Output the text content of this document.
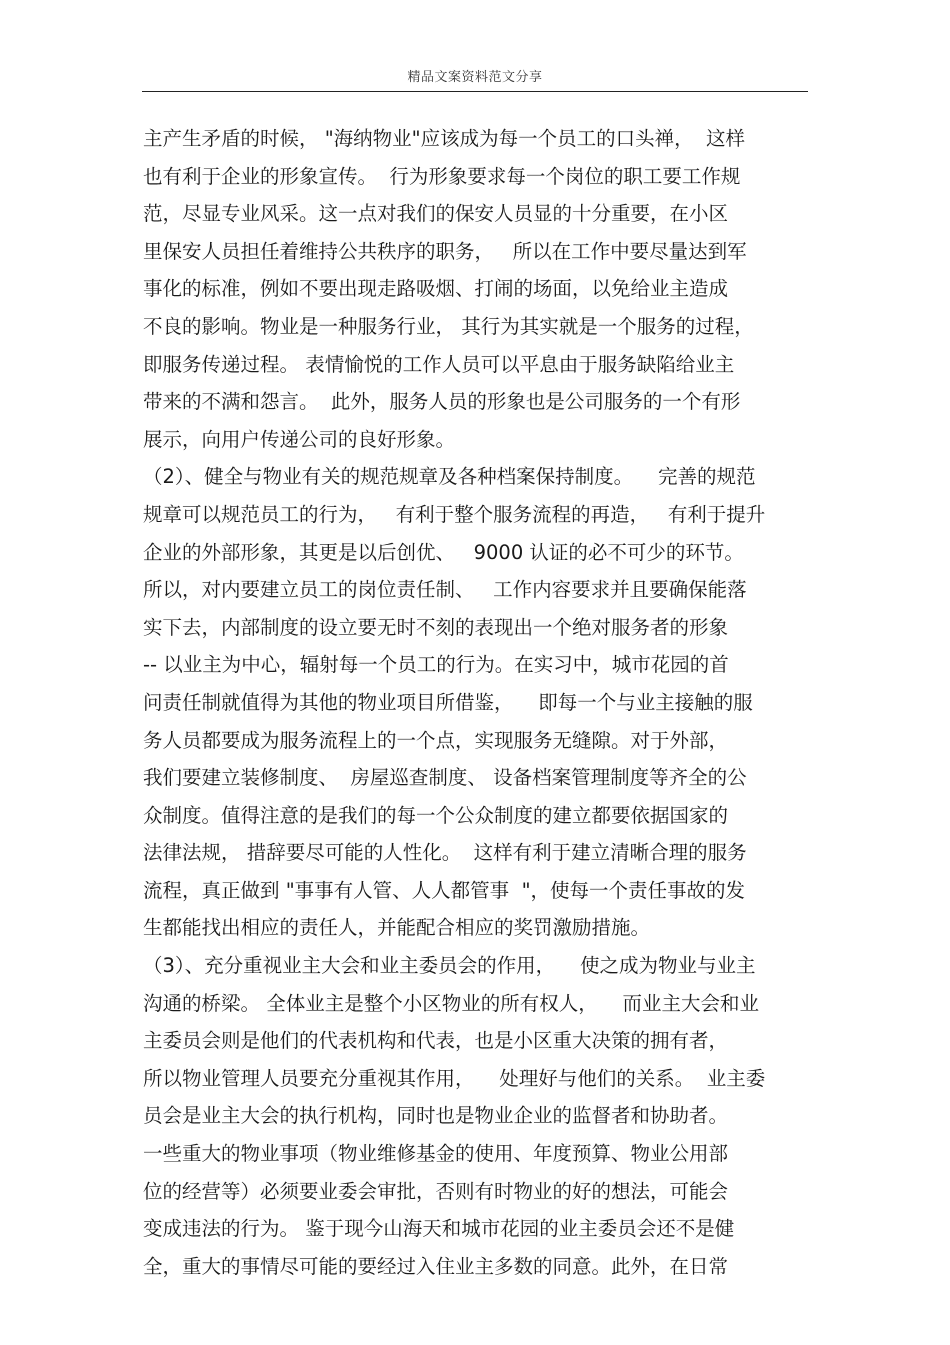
精品文案资料范文分享
主产生矛盾的时候， "海纳物业"应该成为每一个员工的口头禅，  这样
也有利于企业的形象宣传。  行为形象要求每一个岗位的职工要工作规
范，尽显专业风采。这一点对我们的保安人员显的十分重要，在小区
里保安人员担任着维持公共秩序的职务，   所以在工作中要尽量达到军
事化的标准，例如不要出现走路吸烟、打闹的场面，以免给业主造成
不良的影响。物业是一种服务行业， 其行为其实就是一个服务的过程，
即服务传递过程。 表情愉悦的工作人员可以平息由于服务缺陷给业主
带来的不满和怨言。  此外，服务人员的形象也是公司服务的一个有形
展示，向用户传递公司的良好形象。
（2）、健全与物业有关的规范规章及各种档案保持制度。    完善的规范
规章可以规范员工的行为，   有利于整个服务流程的再造，   有利于提升
企业的外部形象，其更是以后创优、   9000 认证的必不可少的环节。
所以，对内要建立员工的岗位责任制、   工作内容要求并且要确保能落
实下去，内部制度的设立要无时不刻的表现出一个绝对服务者的形象
-- 以业主为中心，辐射每一个员工的行为。在实习中，城市花园的首
问责任制就值得为其他的物业项目所借鉴，    即每一个与业主接触的服
务人员都要成为服务流程上的一个点，实现服务无缝隙。对于外部，
我们要建立装修制度、  房屋巡查制度、 设备档案管理制度等齐全的公
众制度。值得注意的是我们的每一个公众制度的建立都要依据国家的
法律法规， 措辞要尽可能的人性化。  这样有利于建立清晰合理的服务
流程，真正做到 "事事有人管、人人都管事  "，使每一个责任事故的发
生都能找出相应的责任人，并能配合相应的奖罚激励措施。
（3）、充分重视业主大会和业主委员会的作用，    使之成为物业与业主
沟通的桥梁。 全体业主是整个小区物业的所有权人，    而业主大会和业
主委员会则是他们的代表机构和代表，也是小区重大决策的拥有者，
所以物业管理人员要充分重视其作用，    处理好与他们的关系。  业主委
员会是业主大会的执行机构，同时也是物业企业的监督者和协助者。
一些重大的物业事项（物业维修基金的使用、年度预算、物业公用部
位的经营等）必须要业委会审批，否则有时物业的好的想法，可能会
变成违法的行为。 鉴于现今山海天和城市花园的业主委员会还不是健
全，重大的事情尽可能的要经过入住业主多数的同意。此外，在日常
